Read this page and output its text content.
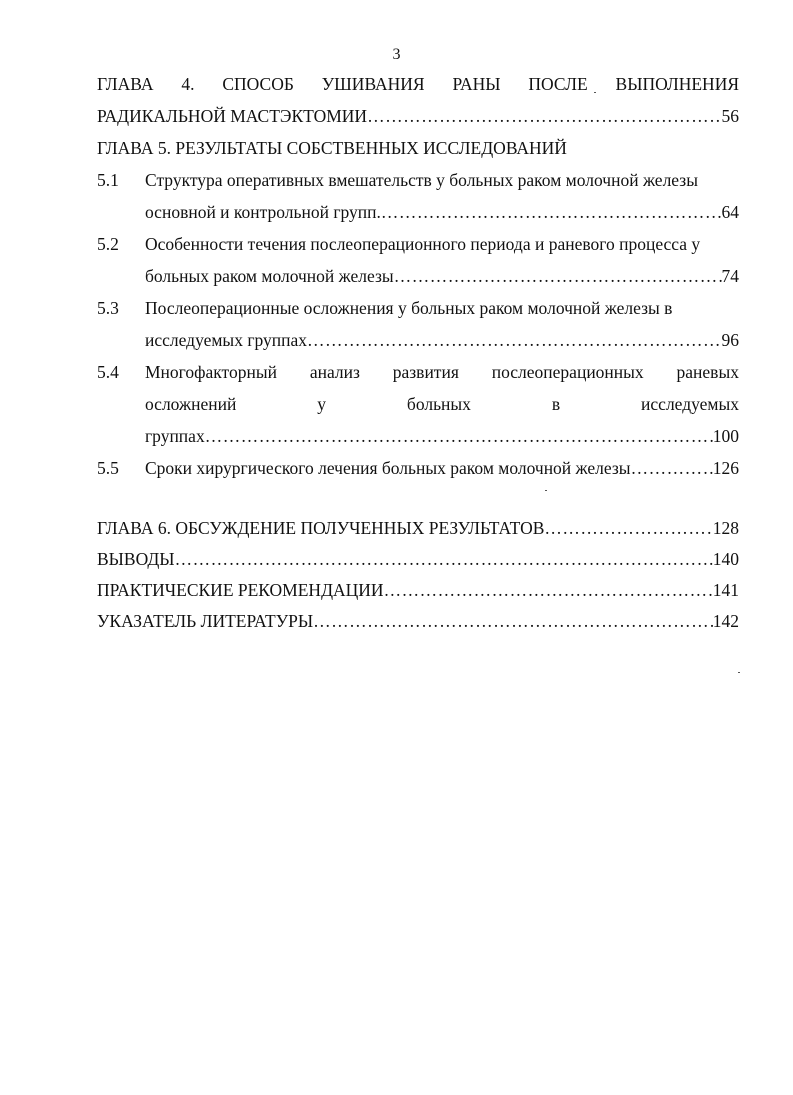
3
ГЛАВА 4. СПОСОБ УШИВАНИЯ РАНЫ ПОСЛЕ ВЫПОЛНЕНИЯ
РАДИКАЛЬНОЙ МАСТЭКТОМИИ …………………………………………………………………………………………………………………………………………………………………………	56
ГЛАВА 5. РЕЗУЛЬТАТЫ СОБСТВЕННЫХ ИССЛЕДОВАНИЙ
5.1 Структура оперативных вмешательств у больных раком молочной железы
основной и контрольной групп. …………………………………………………………………………………………………………………………………………………………………………	64
5.2 Особенности течения послеоперационного периода и раневого процесса у
больных раком молочной железы …………………………………………………………………………………………………………………………………………………………………………	74
5.3 Послеоперационные осложнения у больных раком молочной железы в
исследуемых группах …………………………………………………………………………………………………………………………………………………………………………	96
5.4 Многофакторный анализ развития послеоперационных раневых
осложнений	у	больных	в	исследуемых
группах …………………………………………………………………………………………………………………………………………………………………………	100
5.5 Сроки хирургического лечения больных раком молочной железы …………………………………………………………………………………………………………………………………………………………………………	126
ГЛАВА 6. ОБСУЖДЕНИЕ ПОЛУЧЕННЫХ РЕЗУЛЬТАТОВ …………………………………………………………………………………………………………………………………………………………………………	128
ВЫВОДЫ …………………………………………………………………………………………………………………………………………………………………………	140
ПРАКТИЧЕСКИЕ РЕКОМЕНДАЦИИ …………………………………………………………………………………………………………………………………………………………………………	141
УКАЗАТЕЛЬ ЛИТЕРАТУРЫ …………………………………………………………………………………………………………………………………………………………………………	142
